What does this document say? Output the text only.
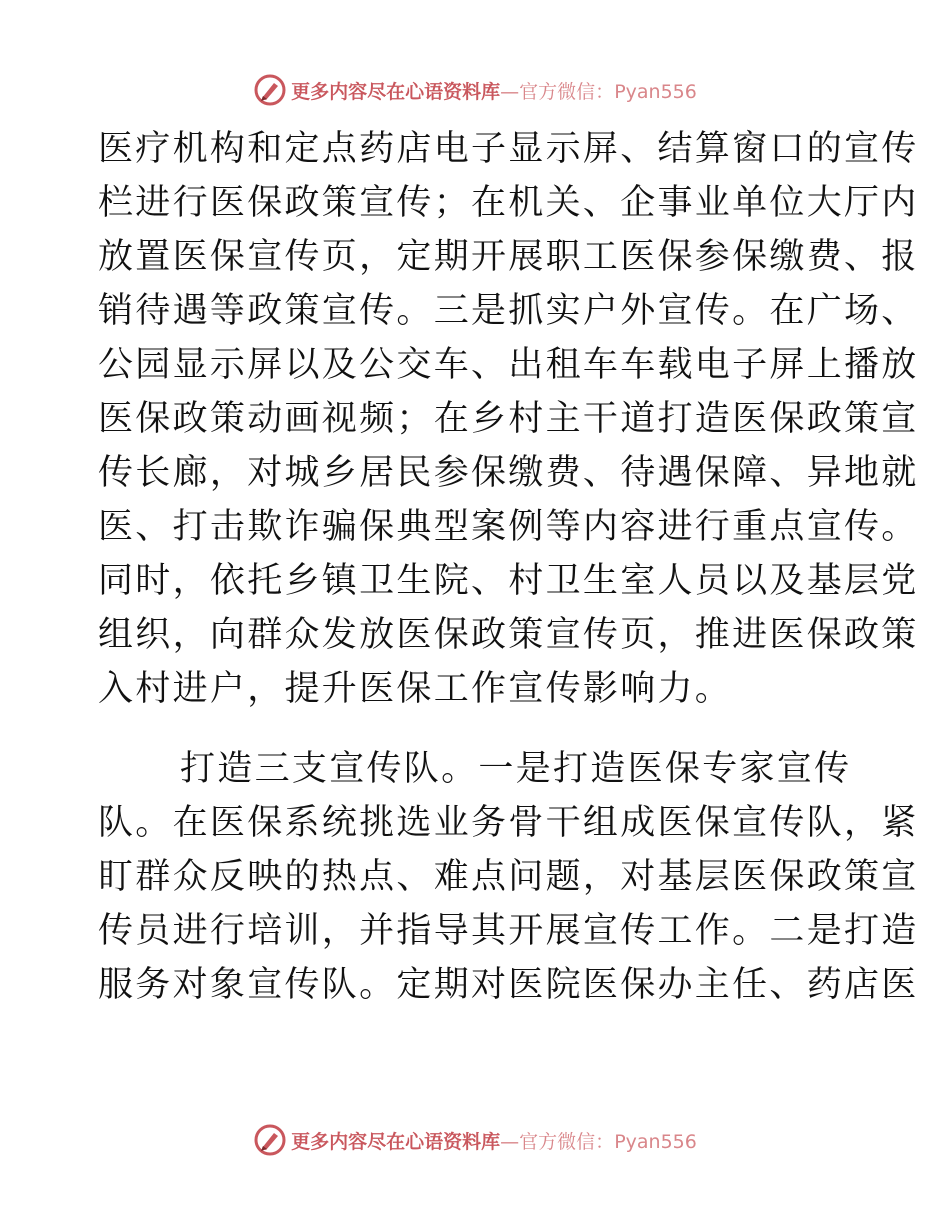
更多内容尽在心语资料库—官方微信：Pyan556
医疗机构和定点药店电子显示屏、结算窗口的宣传
栏进行医保政策宣传；在机关、企事业单位大厅内
放置医保宣传页，定期开展职工医保参保缴费、报
销待遇等政策宣传。三是抓实户外宣传。在广场、
公园显示屏以及公交车、出租车车载电子屏上播放
医保政策动画视频；在乡村主干道打造医保政策宣
传长廊，对城乡居民参保缴费、待遇保障、异地就
医、打击欺诈骗保典型案例等内容进行重点宣传。
同时，依托乡镇卫生院、村卫生室人员以及基层党
组织，向群众发放医保政策宣传页，推进医保政策
入村进户，提升医保工作宣传影响力。
打造三支宣传队。一是打造医保专家宣传
队。在医保系统挑选业务骨干组成医保宣传队，紧
盯群众反映的热点、难点问题，对基层医保政策宣
传员进行培训，并指导其开展宣传工作。二是打造
服务对象宣传队。定期对医院医保办主任、药店医
更多内容尽在心语资料库—官方微信：Pyan556
